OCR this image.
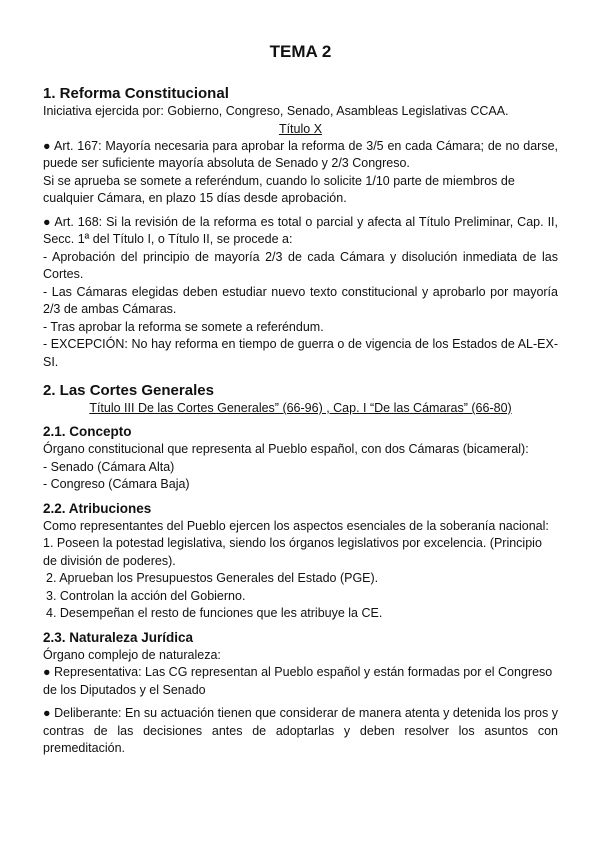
TEMA 2
1. Reforma Constitucional
Iniciativa ejercida por: Gobierno, Congreso, Senado, Asambleas Legislativas CCAA.
Título X
● Art. 167: Mayoría necesaria para aprobar la reforma de 3/5 en cada Cámara; de no darse, puede ser suficiente mayoría absoluta de Senado y 2/3 Congreso.
Si se aprueba se somete a referéndum, cuando lo solicite 1/10 parte de miembros de cualquier Cámara, en plazo 15 días desde aprobación.
● Art. 168: Si la revisión de la reforma es total o parcial y afecta al Título Preliminar, Cap. II, Secc. 1ª del Título I, o Título II, se procede a:
- Aprobación del principio de mayoría 2/3 de cada Cámara y disolución inmediata de las Cortes.
- Las Cámaras elegidas deben estudiar nuevo texto constitucional y aprobarlo por mayoría 2/3 de ambas Cámaras.
- Tras aprobar la reforma se somete a referéndum.
- EXCEPCIÓN: No hay reforma en tiempo de guerra o de vigencia de los Estados de AL-EX-SI.
2. Las Cortes Generales
Título III De las Cortes Generales” (66-96) , Cap. I “De las Cámaras” (66-80)
2.1. Concepto
Órgano constitucional que representa al Pueblo español, con dos Cámaras (bicameral):
- Senado (Cámara Alta)
- Congreso (Cámara Baja)
2.2. Atribuciones
Como representantes del Pueblo ejercen los aspectos esenciales de la soberanía nacional:
1. Poseen la potestad legislativa, siendo los órganos legislativos por excelencia. (Principio de división de poderes).
2. Aprueban los Presupuestos Generales del Estado (PGE).
3. Controlan la acción del Gobierno.
4. Desempeñan el resto de funciones que les atribuye la CE.
2.3. Naturaleza Jurídica
Órgano complejo de naturaleza:
● Representativa: Las CG representan al Pueblo español y están formadas por el Congreso de los Diputados y el Senado
● Deliberante: En su actuación tienen que considerar de manera atenta y detenida los pros y contras de las decisiones antes de adoptarlas y deben resolver los asuntos con premeditación.
